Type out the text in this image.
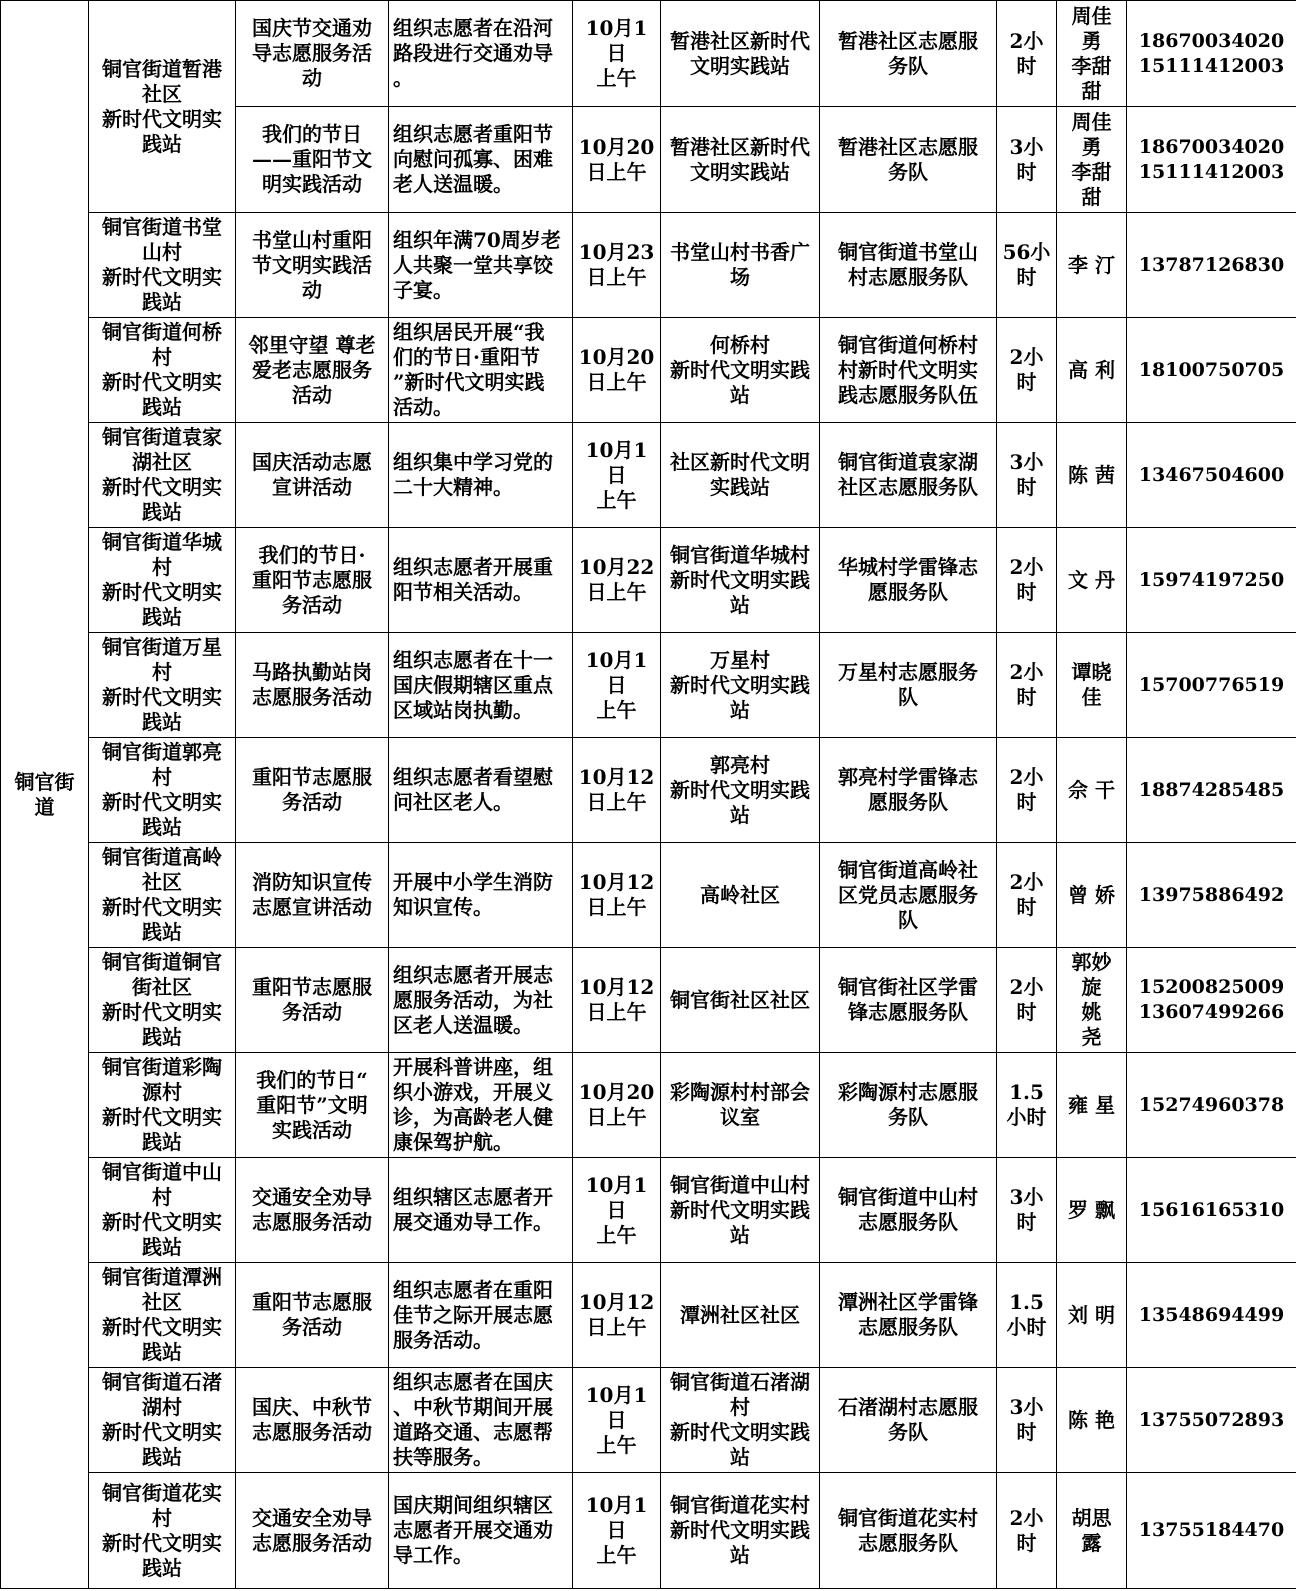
铜官街
道	铜官街道暂港
社区
新时代文明实
践站	国庆节交通劝
导志愿服务活
动	组织志愿者在沿河
路段进行交通劝导
。	10月1日
上午	暂港社区新时代
文明实践站	暂港社区志愿服
务队	2小
时	周佳
勇
李甜
甜	18670034020
15111412003

		我们的节日
——重阳节文
明实践活动	组织志愿者重阳节
向慰问孤寡、困难
老人送温暖。	10月20
日上午	暂港社区新时代
文明实践站	暂港社区志愿服
务队	3小
时	周佳
勇
李甜
甜	18670034020
15111412003

	铜官街道书堂
山村
新时代文明实
践站	书堂山村重阳
节文明实践活
动	组织年满70周岁老
人共聚一堂共享饺
子宴。	10月23
日上午	书堂山村书香广
场	铜官街道书堂山
村志愿服务队	56小
时	李 汀	13787126830

	铜官街道何桥
村
新时代文明实
践站	邻里守望 尊老
爱老志愿服务
活动	组织居民开展“我
们的节日·重阳节
”新时代文明实践
活动。	10月20
日上午	何桥村
新时代文明实践
站	铜官街道何桥村
村新时代文明实
践志愿服务队伍	2小
时	高 利	18100750705

	铜官街道袁家
湖社区
新时代文明实
践站	国庆活动志愿
宣讲活动	组织集中学习党的
二十大精神。	10月1日
上午	社区新时代文明
实践站	铜官街道袁家湖
社区志愿服务队	3小
时	陈 茜	13467504600

	铜官街道华城
村
新时代文明实
践站	我们的节日·
重阳节志愿服
务活动	组织志愿者开展重
阳节相关活动。	10月22
日上午	铜官街道华城村
新时代文明实践
站	华城村学雷锋志
愿服务队	2小
时	文 丹	15974197250

	铜官街道万星
村
新时代文明实
践站	马路执勤站岗
志愿服务活动	组织志愿者在十一
国庆假期辖区重点
区域站岗执勤。	10月1日
上午	万星村
新时代文明实践
站	万星村志愿服务
队	2小
时	谭晓
佳	15700776519

	铜官街道郭亮
村
新时代文明实
践站	重阳节志愿服
务活动	组织志愿者看望慰
问社区老人。	10月12
日上午	郭亮村
新时代文明实践
站	郭亮村学雷锋志
愿服务队	2小
时	佘 干	18874285485

	铜官街道高岭
社区
新时代文明实
践站	消防知识宣传
志愿宣讲活动	开展中小学生消防
知识宣传。	10月12
日上午	高岭社区	铜官街道高岭社
区党员志愿服务
队	2小
时	曾 娇	13975886492

	铜官街道铜官
街社区
新时代文明实
践站	重阳节志愿服
务活动	组织志愿者开展志
愿服务活动，为社
区老人送温暖。	10月12
日上午	铜官街社区社区	铜官街社区学雷
锋志愿服务队	2小
时	郭妙
旋
姚
尧	15200825009
13607499266

	铜官街道彩陶
源村
新时代文明实
践站	我们的节日“
重阳节”文明
实践活动	开展科普讲座，组
织小游戏，开展义
诊，为高龄老人健
康保驾护航。	10月20
日上午	彩陶源村村部会
议室	彩陶源村志愿服
务队	1.5
小时	雍 星	15274960378

	铜官街道中山
村
新时代文明实
践站	交通安全劝导
志愿服务活动	组织辖区志愿者开
展交通劝导工作。	10月1日
上午	铜官街道中山村
新时代文明实践
站	铜官街道中山村
志愿服务队	3小
时	罗 飘	15616165310

	铜官街道潭洲
社区
新时代文明实
践站	重阳节志愿服
务活动	组织志愿者在重阳
佳节之际开展志愿
服务活动。	10月12
日上午	潭洲社区社区	潭洲社区学雷锋
志愿服务队	1.5
小时	刘 明	13548694499

	铜官街道石渚
湖村
新时代文明实
践站	国庆、中秋节
志愿服务活动	组织志愿者在国庆
、中秋节期间开展
道路交通、志愿帮
扶等服务。	10月1日
上午	铜官街道石渚湖
村
新时代文明实践
站	石渚湖村志愿服
务队	3小
时	陈 艳	13755072893

	铜官街道花实
村
新时代文明实
践站	交通安全劝导
志愿服务活动	国庆期间组织辖区
志愿者开展交通劝
导工作。	10月1日
上午	铜官街道花实村
新时代文明实践
站	铜官街道花实村
志愿服务队	2小
时	胡思
露	13755184470
